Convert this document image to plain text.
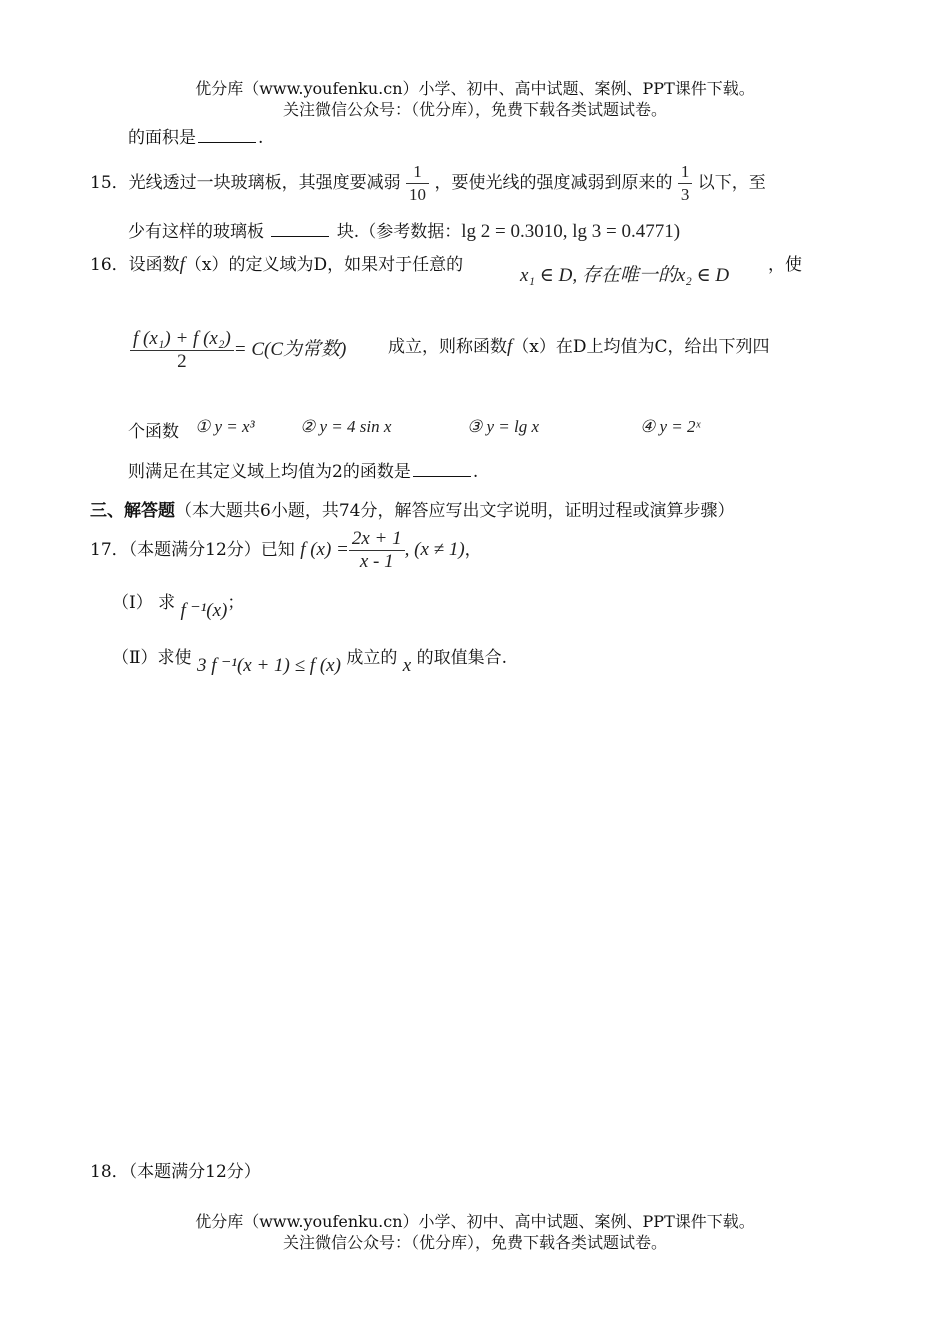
优分库（www.youfenku.cn）小学、初中、高中试题、案例、PPT课件下载。
关注微信公众号：（优分库），免费下载各类试题试卷。
的面积是	.
15．光线透过一块玻璃板，其强度要减弱 $\frac{1}{10}$ ，要使光线的强度减弱到原来的 $\frac{1}{3}$ 以下，至
少有这样的玻璃板	块.（参考数据：lg 2 = 0.3010, lg 3 = 0.4771)
16．设函数f（x）的定义域为D，如果对于任意的	x₁ ∈ D, 存在唯一的x₂ ∈ D ，使
$\frac{\text{f (x₁) + f (x₂)}}{2} = C(C$为常数) 成立，则称函数f（x）在D上均值为C，给出下列四
个函数 ① y = x³	② y = 4 sin x	③ y = lg x	④ y = 2ˣ
则满足在其定义域上均值为2的函数是	.
三、解答题（本大题共6小题，共74分，解答应写出文字说明，证明过程或演算步骤）
17．（本题满分12分）已知 f $(x) = \frac{2x + 1}{x - 1}$ , (x ≠ 1)，
（Ⅰ） 求 f ⁻¹(x)；
（Ⅱ）求使 3 f ⁻¹(x + 1) ≤ f (x) 成立的 x 的取值集合.
18．（本题满分12分）
优分库（www.youfenku.cn）小学、初中、高中试题、案例、PPT课件下载。
关注微信公众号：（优分库），免费下载各类试题试卷。
